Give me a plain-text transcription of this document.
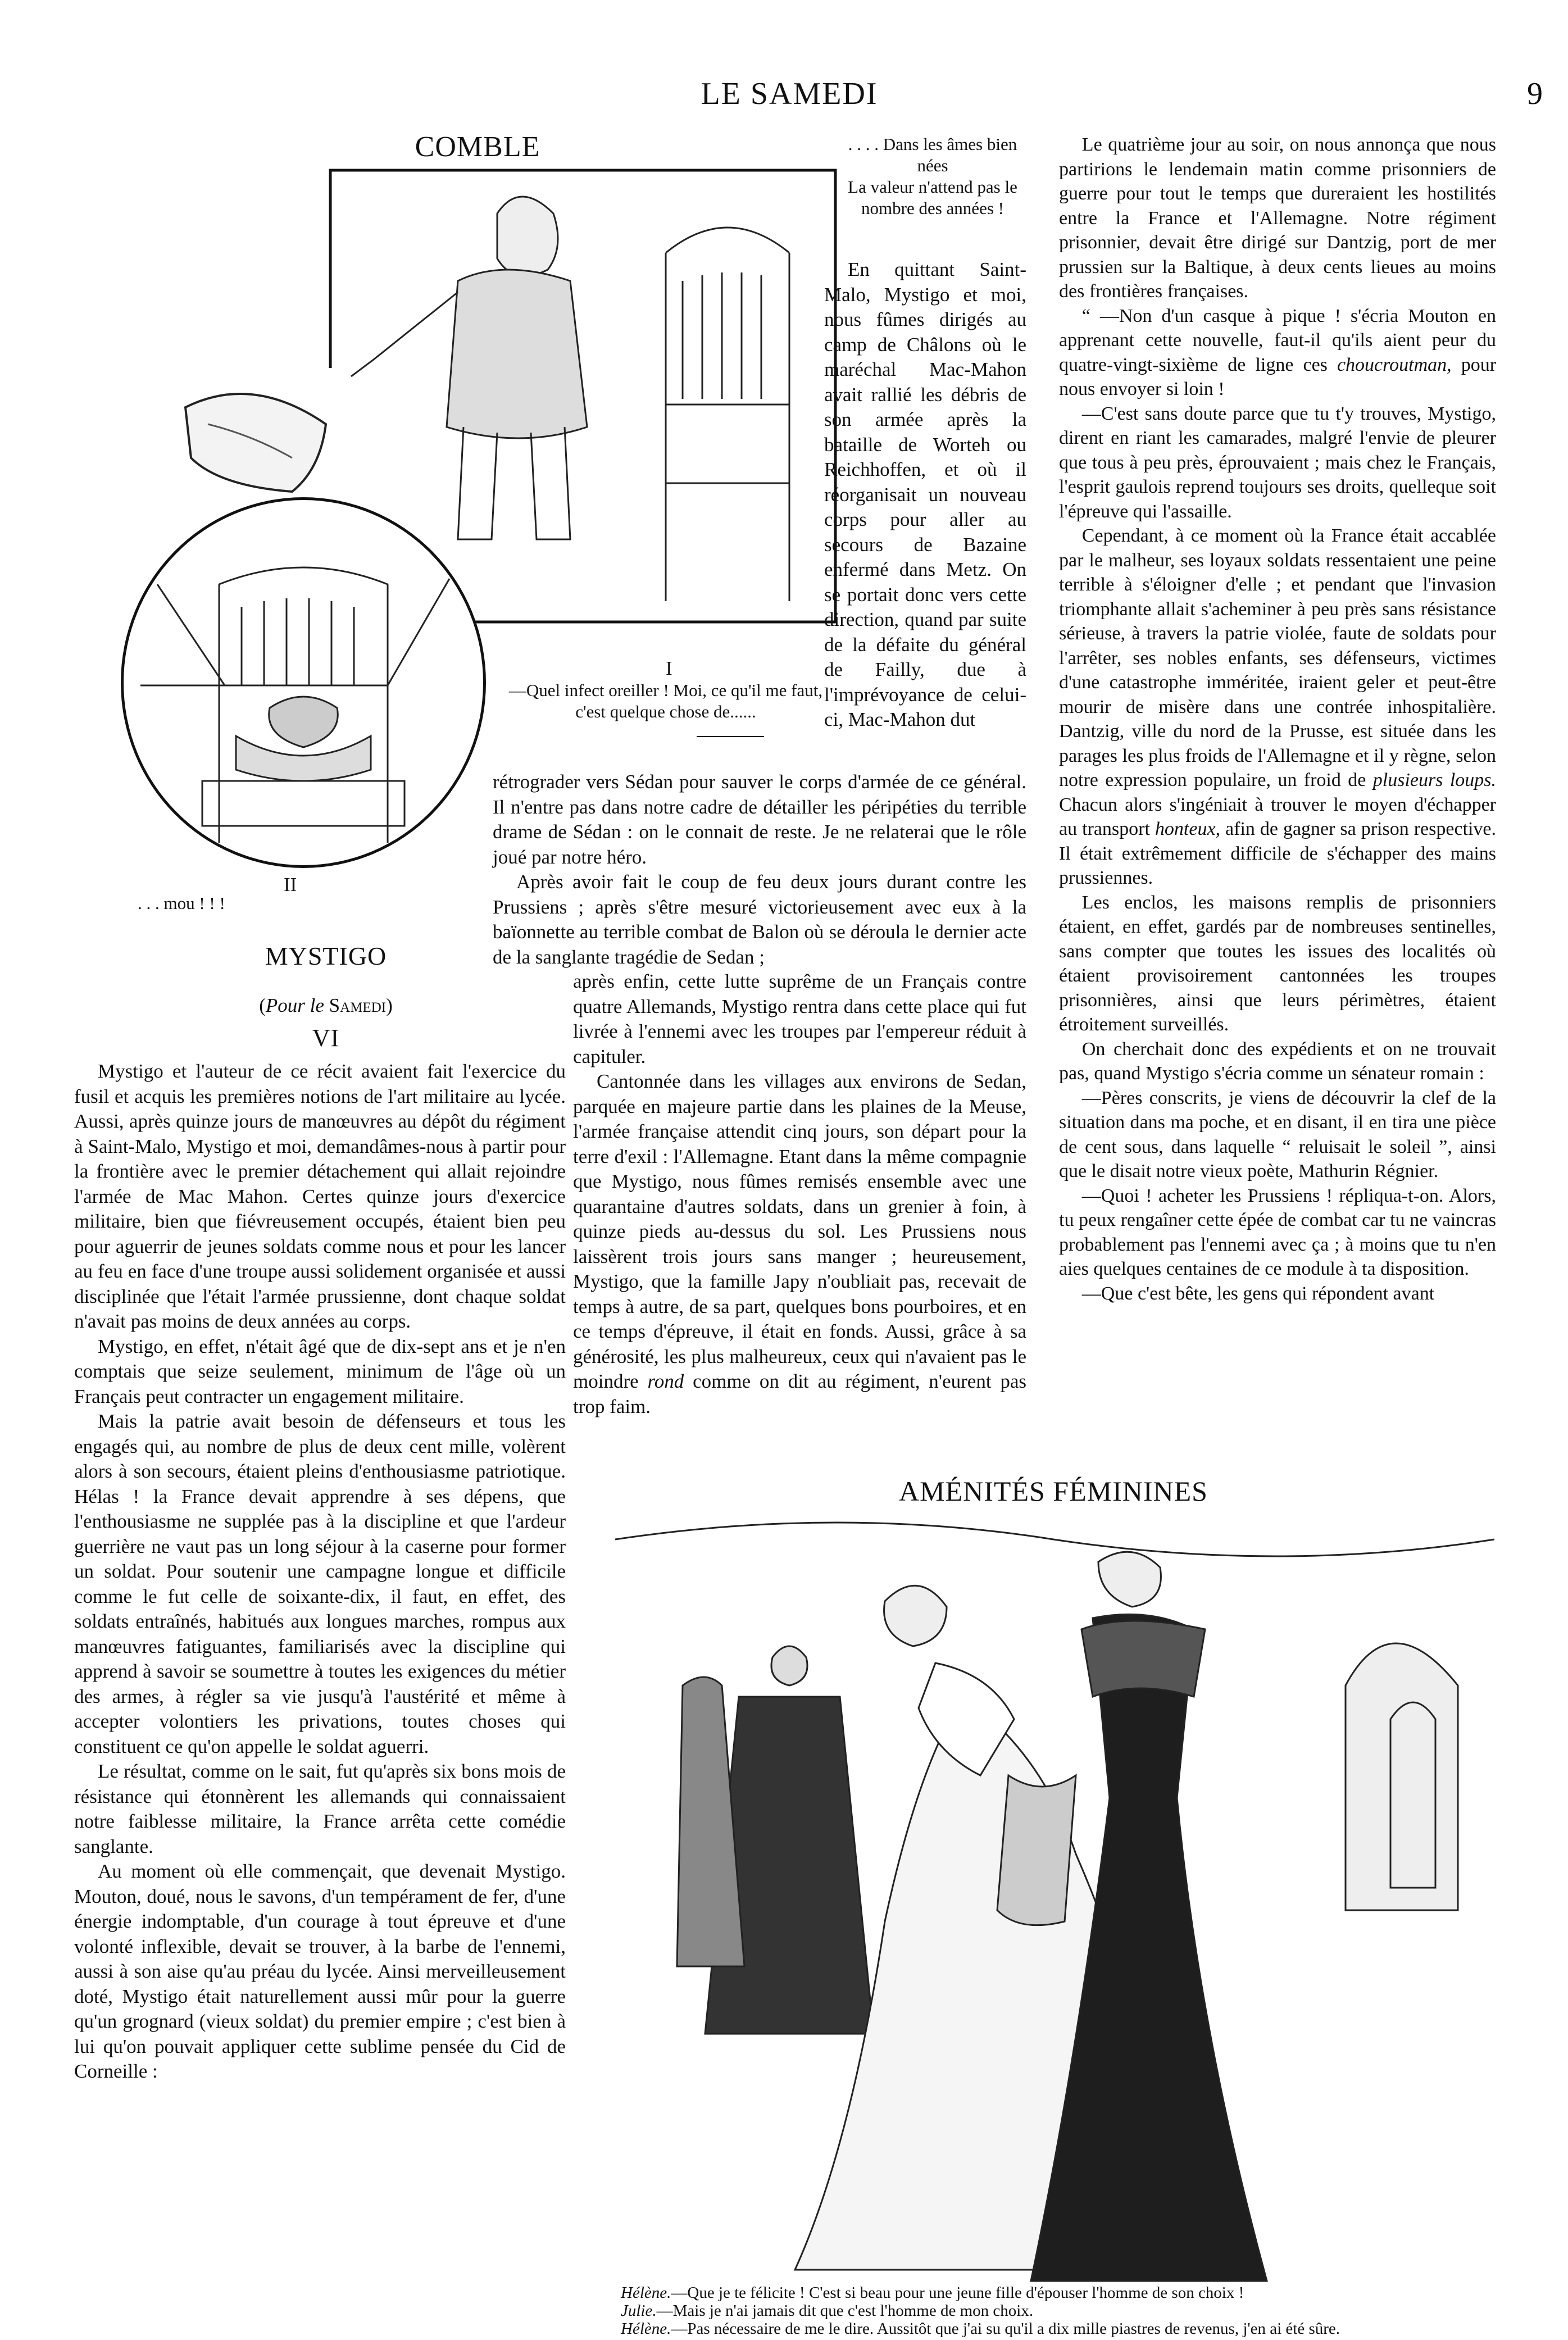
LE SAMEDI	9
COMBLE
I
—Quel infect oreiller ! Moi, ce qu'il me faut, c'est quelque chose de......
II
. . . mou ! ! !
MYSTIGO
(Pour le Samedi)
VI

Mystigo et l'auteur de ce récit avaient fait l'exercice du fusil et acquis les premières notions de l'art militaire au lycée. Aussi, après quinze jours de manœuvres au dépôt du régiment à Saint-Malo, Mystigo et moi, demandâmes-nous à partir pour la frontière avec le premier détachement qui allait rejoindre l'armée de Mac Mahon. Certes quinze jours d'exercice militaire, bien que fiévreusement occupés, étaient bien peu pour aguerrir de jeunes soldats comme nous et pour les lancer au feu en face d'une troupe aussi solidement organisée et aussi disciplinée que l'était l'armée prussienne, dont chaque soldat n'avait pas moins de deux années au corps.

Mystigo, en effet, n'était âgé que de dix-sept ans et je n'en comptais que seize seulement, minimum de l'âge où un Français peut contracter un engagement militaire.

Mais la patrie avait besoin de défenseurs et tous les engagés qui, au nombre de plus de deux cent mille, volèrent alors à son secours, étaient pleins d'enthousiasme patriotique. Hélas ! la France devait apprendre à ses dépens, que l'enthousiasme ne supplée pas à la discipline et que l'ardeur guerrière ne vaut pas un long séjour à la caserne pour former un soldat. Pour soutenir une campagne longue et difficile comme le fut celle de soixante-dix, il faut, en effet, des soldats entraînés, habitués aux longues marches, rompus aux manœuvres fatiguantes, familiarisés avec la discipline qui apprend à savoir se soumettre à toutes les exigences du métier des armes, à régler sa vie jusqu'à l'austérité et même à accepter volontiers les privations, toutes choses qui constituent ce qu'on appelle le soldat aguerri.

Le résultat, comme on le sait, fut qu'après six bons mois de résistance qui étonnèrent les allemands qui connaissaient notre faiblesse militaire, la France arrêta cette comédie sanglante.

Au moment où elle commençait, que devenait Mystigo. Mouton, doué, nous le savons, d'un tempérament de fer, d'une énergie indomptable, d'un courage à tout épreuve et d'une volonté inflexible, devait se trouver, à la barbe de l'ennemi, aussi à son aise qu'au préau du lycée. Ainsi merveilleusement doté, Mystigo était naturellement aussi mûr pour la guerre qu'un grognard (vieux soldat) du premier empire ; c'est bien à lui qu'on pouvait appliquer cette sublime pensée du Cid de Corneille :

. . . . Dans les âmes bien nées
La valeur n'attend pas le nombre des années !

En quittant Saint-Malo, Mystigo et moi, nous fûmes dirigés au camp de Châlons où le maréchal Mac-Mahon avait rallié les débris de son armée après la bataille de Worteh ou Reichhoffen, et où il réorganisait un nouveau corps pour aller au secours de Bazaine enfermé dans Metz. On se portait donc vers cette direction, quand par suite de la défaite du général de Failly, due à l'imprévoyance de celui-ci, Mac-Mahon dut

rétrograder vers Sédan pour sauver le corps d'armée de ce général. Il n'entre pas dans notre cadre de détailler les péripéties du terrible drame de Sédan : on le connait de reste. Je ne relaterai que le rôle joué par notre héro.

Après avoir fait le coup de feu deux jours durant contre les Prussiens ; après s'être mesuré victorieusement avec eux à la baïonnette au terrible combat de Balon où se déroula le dernier acte de la sanglante tragédie de Sedan ;

après enfin, cette lutte suprême de un Français contre quatre Allemands, Mystigo rentra dans cette place qui fut livrée à l'ennemi avec les troupes par l'empereur réduit à capituler.

Cantonnée dans les villages aux environs de Sedan, parquée en majeure partie dans les plaines de la Meuse, l'armée française attendit cinq jours, son départ pour la terre d'exil : l'Allemagne. Etant dans la même compagnie que Mystigo, nous fûmes remisés ensemble avec une quarantaine d'autres soldats, dans un grenier à foin, à quinze pieds au-dessus du sol. Les Prussiens nous laissèrent trois jours sans manger ; heureusement, Mystigo, que la famille Japy n'oubliait pas, recevait de temps à autre, de sa part, quelques bons pourboires, et en ce temps d'épreuve, il était en fonds. Aussi, grâce à sa générosité, les plus malheureux, ceux qui n'avaient pas le moindre rond comme on dit au régiment, n'eurent pas trop faim.

Le quatrième jour au soir, on nous annonça que nous partirions le lendemain matin comme prisonniers de guerre pour tout le temps que dureraient les hostilités entre la France et l'Allemagne. Notre régiment prisonnier, devait être dirigé sur Dantzig, port de mer prussien sur la Baltique, à deux cents lieues au moins des frontières françaises.

“ —Non d'un casque à pique ! s'écria Mouton en apprenant cette nouvelle, faut-il qu'ils aient peur du quatre-vingt-sixième de ligne ces choucroutman, pour nous envoyer si loin !

—C'est sans doute parce que tu t'y trouves, Mystigo, dirent en riant les camarades, malgré l'envie de pleurer que tous à peu près, éprouvaient ; mais chez le Français, l'esprit gaulois reprend toujours ses droits, quelleque soit l'épreuve qui l'assaille.

Cependant, à ce moment où la France était accablée par le malheur, ses loyaux soldats ressentaient une peine terrible à s'éloigner d'elle ; et pendant que l'invasion triomphante allait s'acheminer à peu près sans résistance sérieuse, à travers la patrie violée, faute de soldats pour l'arrêter, ses nobles enfants, ses défenseurs, victimes d'une catastrophe imméritée, iraient geler et peut-être mourir de misère dans une contrée inhospitalière. Dantzig, ville du nord de la Prusse, est située dans les parages les plus froids de l'Allemagne et il y règne, selon notre expression populaire, un froid de plusieurs loups. Chacun alors s'ingéniait à trouver le moyen d'échapper au transport honteux, afin de gagner sa prison respective. Il était extrêmement difficile de s'échapper des mains prussiennes.

Les enclos, les maisons remplis de prisonniers étaient, en effet, gardés par de nombreuses sentinelles, sans compter que toutes les issues des localités où étaient provisoirement cantonnées les troupes prisonnières, ainsi que leurs périmètres, étaient étroitement surveillés.

On cherchait donc des expédients et on ne trouvait pas, quand Mystigo s'écria comme un sénateur romain :

—Pères conscrits, je viens de découvrir la clef de la situation dans ma poche, et en disant, il en tira une pièce de cent sous, dans laquelle “ reluisait le soleil ”, ainsi que le disait notre vieux poète, Mathurin Régnier.

—Quoi ! acheter les Prussiens ! répliqua-t-on. Alors, tu peux rengaîner cette épée de combat car tu ne vaincras probablement pas l'ennemi avec ça ; à moins que tu n'en aies quelques centaines de ce module à ta disposition.

—Que c'est bête, les gens qui répondent avant

AMÉNITÉS FÉMININES
Hélène.—Que je te félicite ! C'est si beau pour une jeune fille d'épouser l'homme de son choix !
Julie.—Mais je n'ai jamais dit que c'est l'homme de mon choix.
Hélène.—Pas nécessaire de me le dire. Aussitôt que j'ai su qu'il a dix mille piastres de revenus, j'en ai été sûre.
